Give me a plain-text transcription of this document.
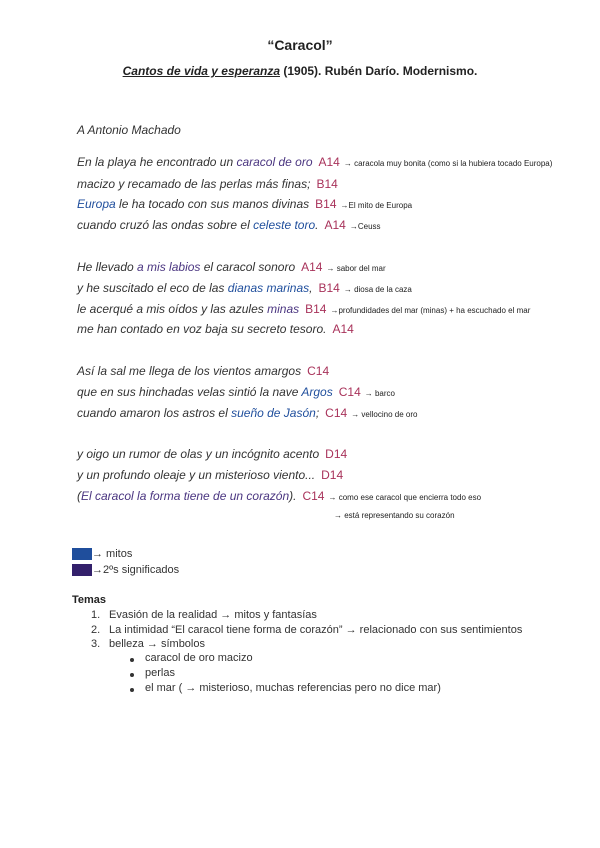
“Caracol”
Cantos de vida y esperanza (1905). Rubén Darío. Modernismo.
A Antonio Machado
En la playa he encontrado un caracol de oro A14 → caracola muy bonita (como si la hubiera tocado Europa)
macizo y recamado de las perlas más finas; B14
Europa le ha tocado con sus manos divinas B14 →El mito de Europa
cuando cruzó las ondas sobre el celeste toro. A14 →Ceuss
He llevado a mis labios el caracol sonoro A14 → sabor del mar
y he suscitado el eco de las dianas marinas, B14 → diosa de la caza
le acerqué a mis oídos y las azules minas B14 →profundidades del mar (minas) + ha escuchado el mar
me han contado en voz baja su secreto tesoro. A14
Así la sal me llega de los vientos amargos C14
que en sus hinchadas velas sintió la nave Argos C14 → barco
cuando amaron los astros el sueño de Jasón; C14 → vellocino de oro
y oigo un rumor de olas y un incógnito acento D14
y un profundo oleaje y un misterioso viento... D14
(El caracol la forma tiene de un corazón). C14 → como ese caracol que encierra todo eso
→ está representando su corazón
→ mitos
→2ºs significados
Temas
1. Evasión de la realidad → mitos y fantasías
2. La intimidad “El caracol tiene forma de corazón” → relacionado con sus sentimientos
3. belleza → símbolos
caracol de oro macizo
perlas
el mar ( → misterioso, muchas referencias pero no dice mar)
